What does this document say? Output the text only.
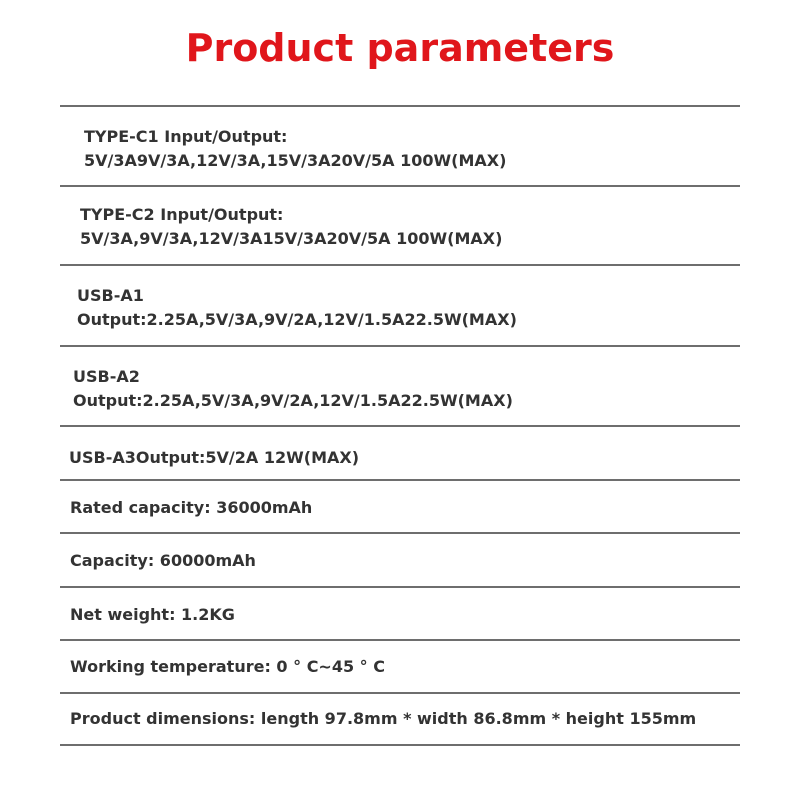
Product parameters
TYPE-C1 Input/Output:
5V/3A9V/3A,12V/3A,15V/3A20V/5A 100W(MAX)
TYPE-C2 Input/Output:
5V/3A,9V/3A,12V/3A15V/3A20V/5A 100W(MAX)
USB-A1
Output:2.25A,5V/3A,9V/2A,12V/1.5A22.5W(MAX)
USB-A2
Output:2.25A,5V/3A,9V/2A,12V/1.5A22.5W(MAX)
USB-A3Output:5V/2A 12W(MAX)
Rated capacity: 36000mAh
Capacity: 60000mAh
Net weight: 1.2KG
Working temperature: 0 ° C~45 ° C
Product dimensions: length 97.8mm * width 86.8mm * height 155mm
